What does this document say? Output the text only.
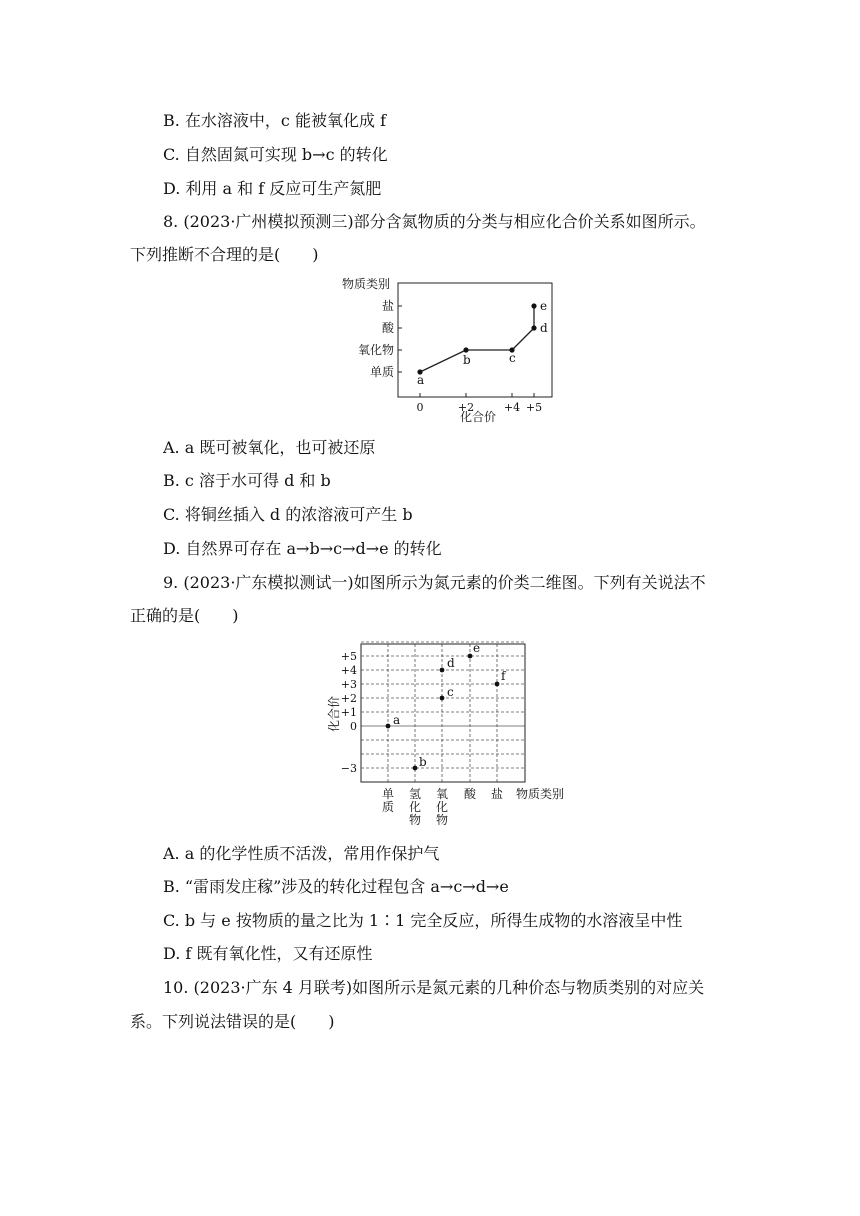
B. 在水溶液中，c 能被氧化成 f
C. 自然固氮可实现 b→c 的转化
D. 利用 a 和 f 反应可生产氮肥
8. (2023·广州模拟预测三)部分含氮物质的分类与相应化合价关系如图所示。
下列推断不合理的是(　　)
物质类别
单质
氧化物
酸
盐
0	+2	+4 +5
a
b	c
d
e
化合价
A. a 既可被氧化，也可被还原
B. c 溶于水可得 d 和 b
C. 将铜丝插入 d 的浓溶液可产生 b
D. 自然界可存在 a→b→c→d→e 的转化
9. (2023·广东模拟测试一)如图所示为氮元素的价类二维图。下列有关说法不
正确的是(　　)
化合价
+5
+4
+3
+2
+1
0
−3
单
质
氢
化
物
氧
化
物
酸 盐
a
b
c
d
e
f
物质类别
A. a 的化学性质不活泼，常用作保护气
B. “雷雨发庄稼”涉及的转化过程包含 a→c→d→e
C. b 与 e 按物质的量之比为 1∶1 完全反应，所得生成物的水溶液呈中性
D. f 既有氧化性，又有还原性
10. (2023·广东 4 月联考)如图所示是氮元素的几种价态与物质类别的对应关
系。下列说法错误的是(　　)
